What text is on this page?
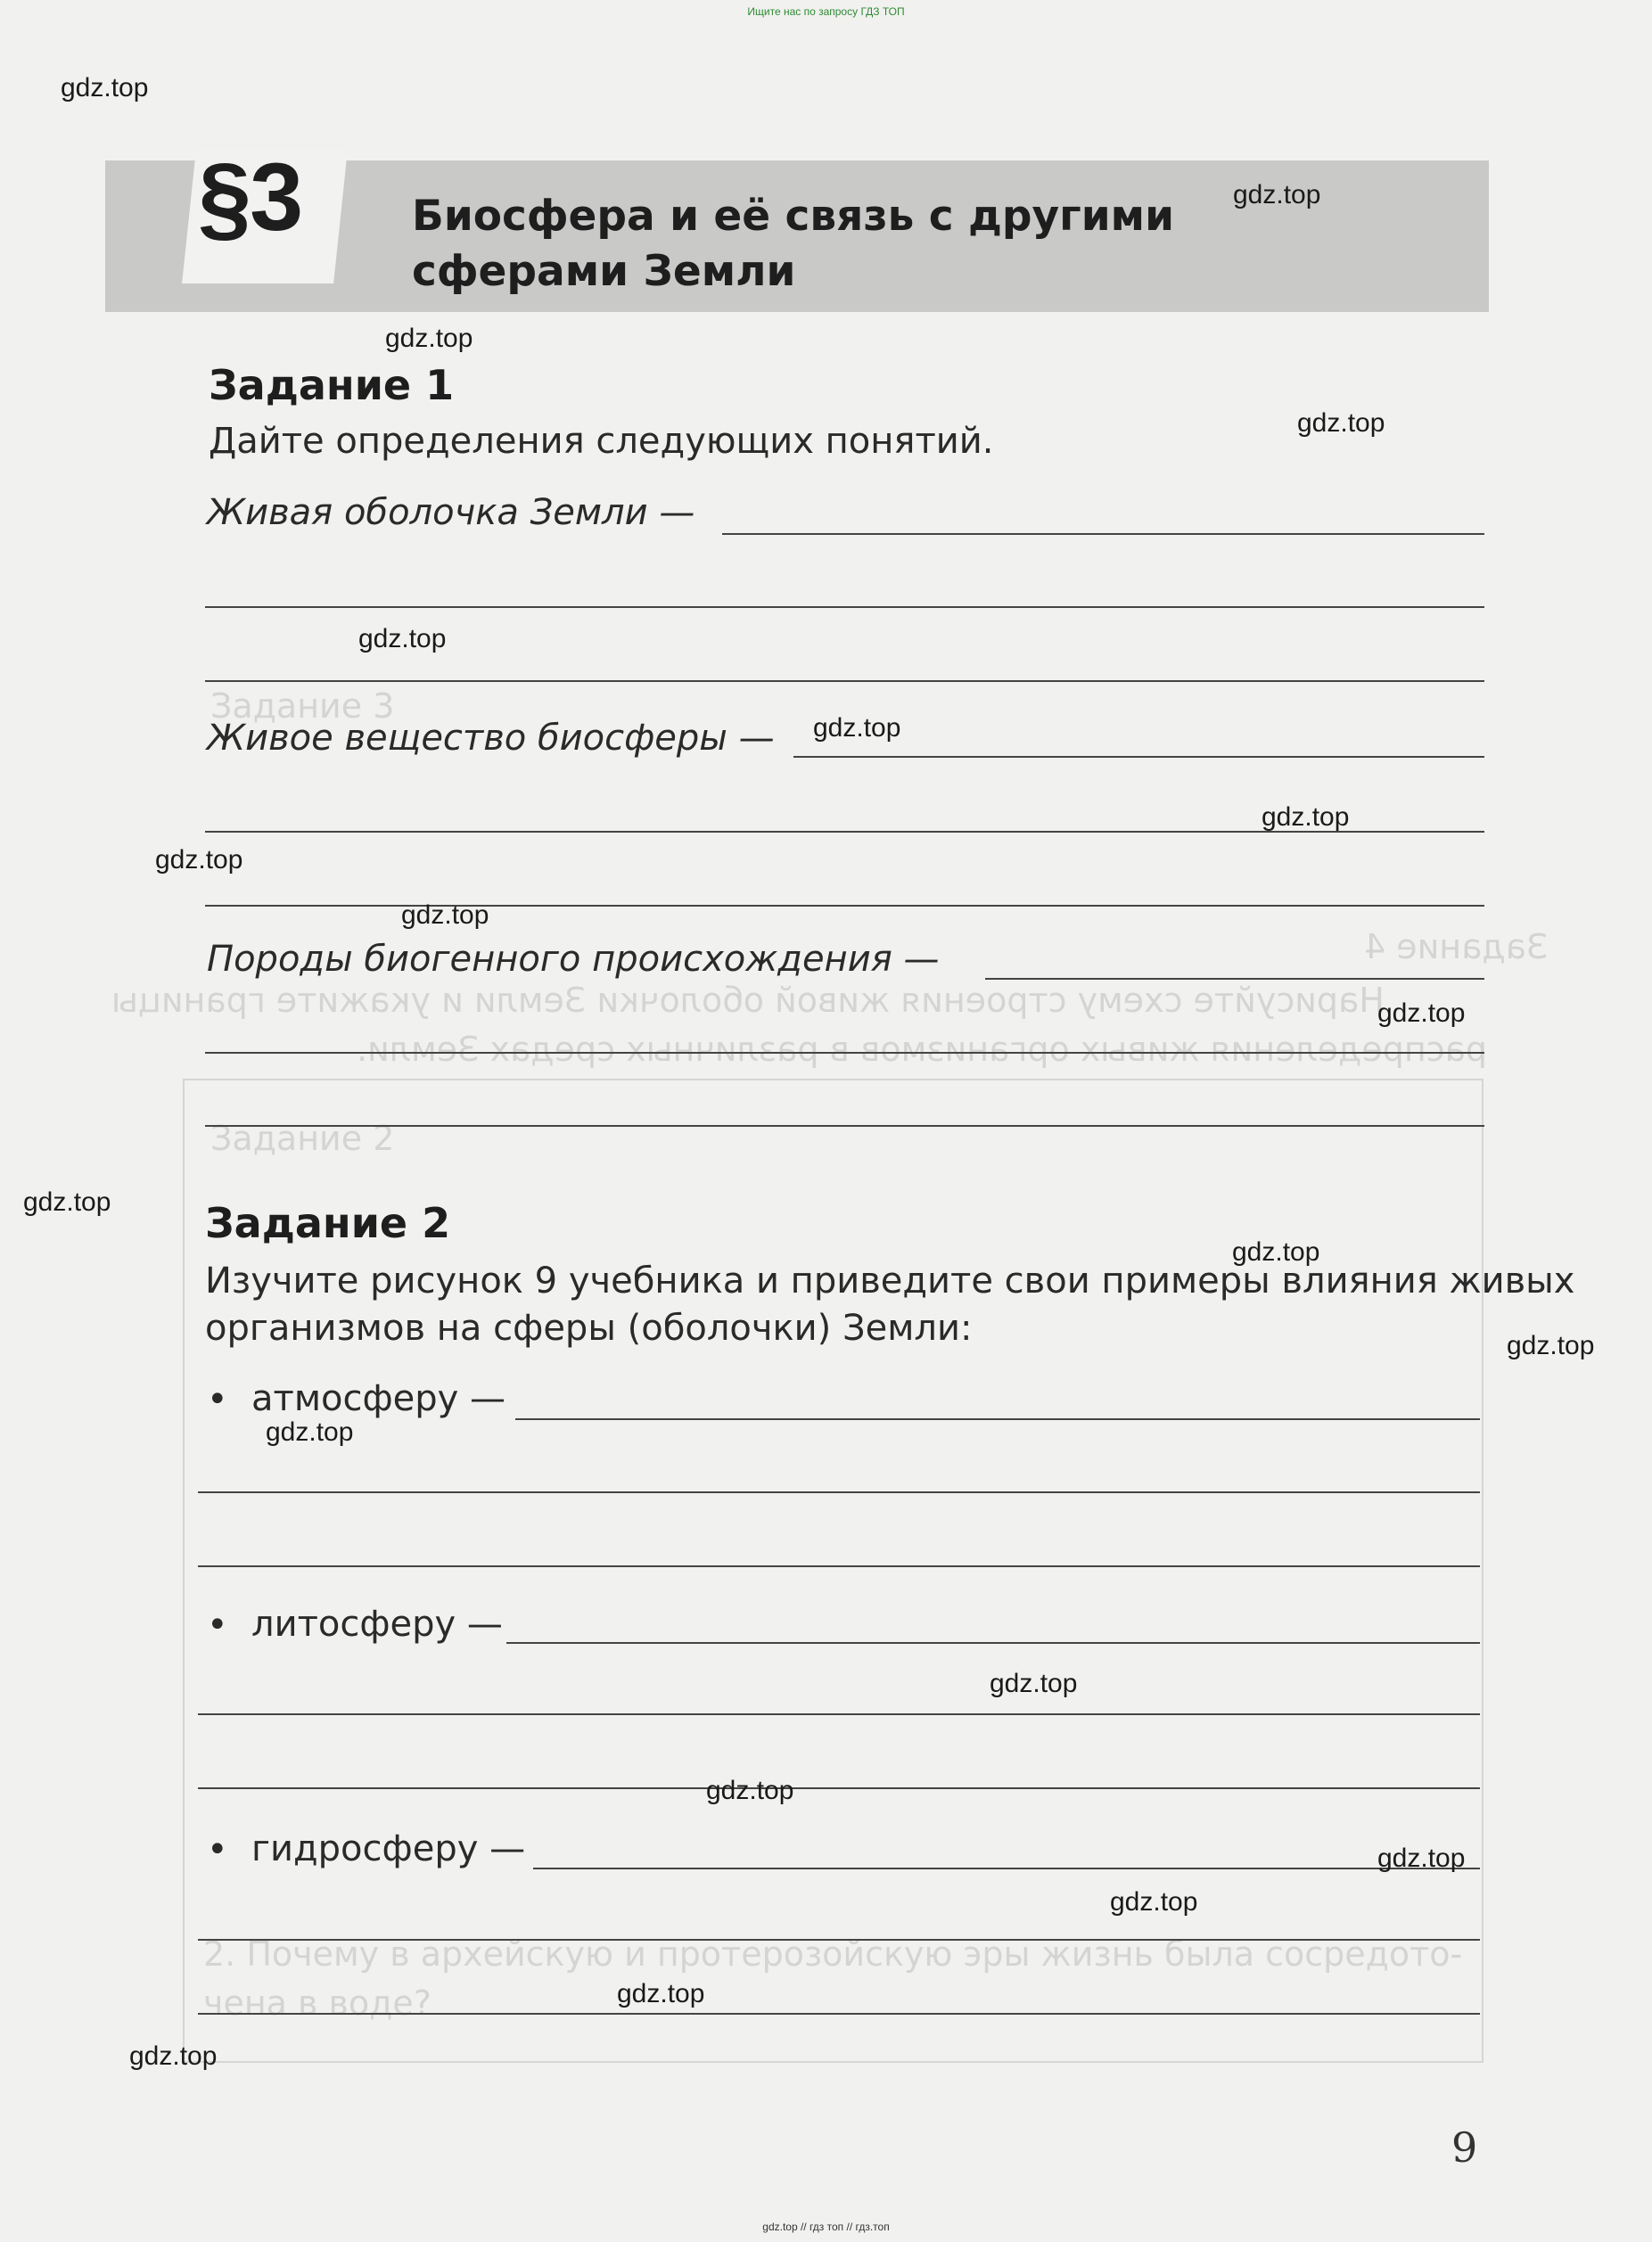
Ищите нас по запросу ГДЗ ТОП
gdz.top // гдз топ // гдз.топ
Задание 4
Нарисуйте схему строения живой оболочки Земли и укажите границы
распределения живых организмов в различных средах Земли.
Задание 3
Задание 2
2. Почему в архейскую и протерозойскую эры жизнь была сосредото-
чена в воде?
§3	Биосфера и её связь с другими
сферами Земли
Задание 1
Дайте определения следующих понятий.
Живая оболочка Земли —
Живое вещество биосферы —
Породы биогенного происхождения —
Задание 2
Изучите рисунок 9 учебника и приведите свои примеры влияния живых
организмов на сферы (оболочки) Земли:
• атмосферу —
• литосферу —
• гидросферу —
gdz.top
gdz.top
gdz.top
gdz.top
gdz.top
gdz.top
gdz.top
gdz.top
gdz.top
gdz.top
gdz.top
gdz.top
gdz.top
gdz.top
gdz.top
gdz.top
gdz.top
gdz.top
gdz.top
gdz.top
9
